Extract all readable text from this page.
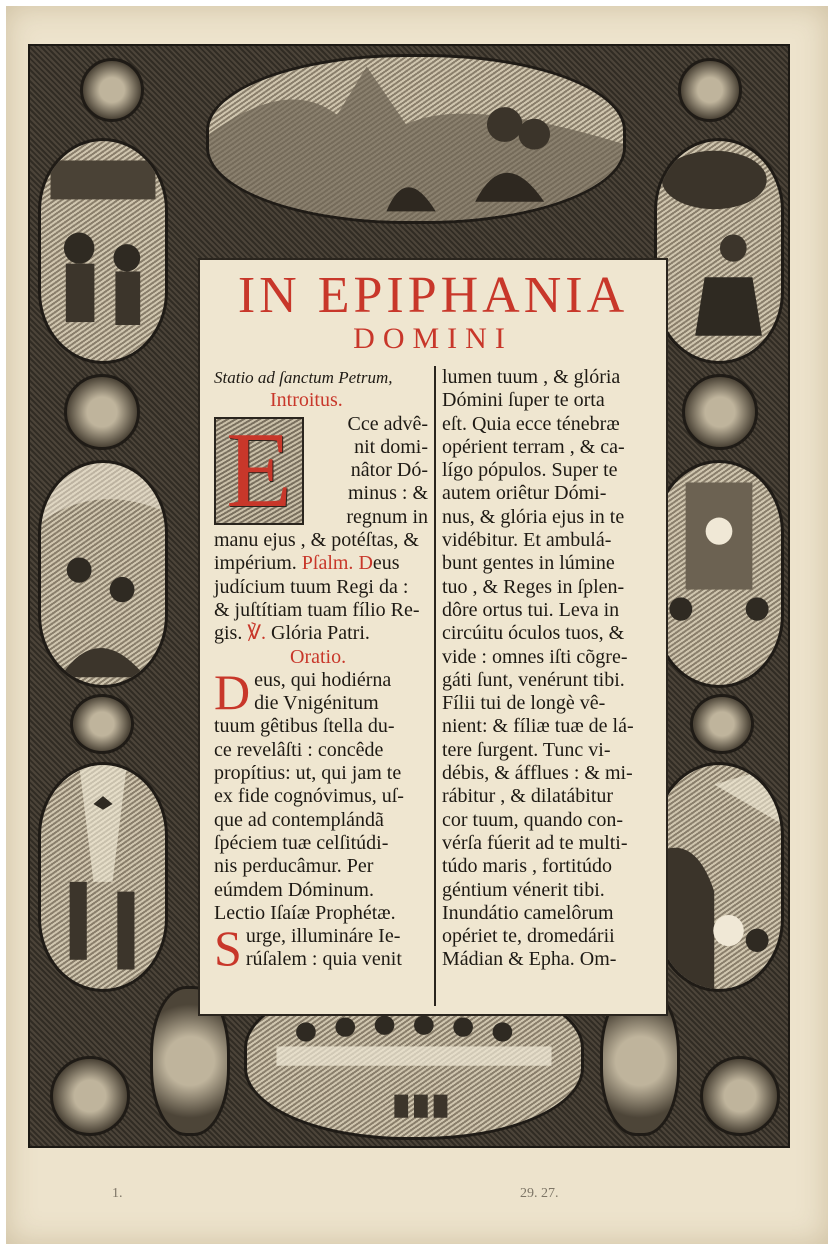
IN EPIPHANIA
DOMINI
Statio ad ſanctum Petrum,
Introitus.
E	Cce advê-
nit domi-
nâtor Dó-
minus : &
regnum in
manu ejus , & potéſtas, &
impérium. Pſalm. Deus
judícium tuum Regi da :
& juſtítiam tuam fílio Re-
gis. ℣. Glória Patri.
Oratio.
D eus, qui hodiérna
die Vnigénitum
tuum gêtibus ſtella du-
ce revelâſti : concêde
propítius: ut, qui jam te
ex fide cognóvimus, uſ-
que ad contemplándã
ſpéciem tuæ celſitúdi-
nis perducâmur. Per
eúmdem Dóminum.
Lectio Iſaíæ Prophétæ.
S urge, illumináre Ie-
rúſalem : quia venit
lumen tuum , & glória
Dómini ſuper te orta
eſt. Quia ecce ténebræ
opérient terram , & ca-
lígo pópulos. Super te
autem oriêtur Dómi-
nus, & glória ejus in te
vidébitur. Et ambulá-
bunt gentes in lúmine
tuo , & Reges in ſplen-
dôre ortus tui. Leva in
circúitu óculos tuos, &
vide : omnes iſti cõgre-
gáti ſunt, venérunt tibi.
Fílii tui de longè vê-
nient: & fíliæ tuæ de lá-
tere ſurgent. Tunc vi-
débis, & áfflues : & mi-
rábitur , & dilatábitur
cor tuum, quando con-
vérſa fúerit ad te multi-
túdo maris , fortitúdo
géntium vénerit tibi.
Inundátio camelôrum
opériet te, dromedárii
Mádian & Epha. Om-
1.	29. 27.
